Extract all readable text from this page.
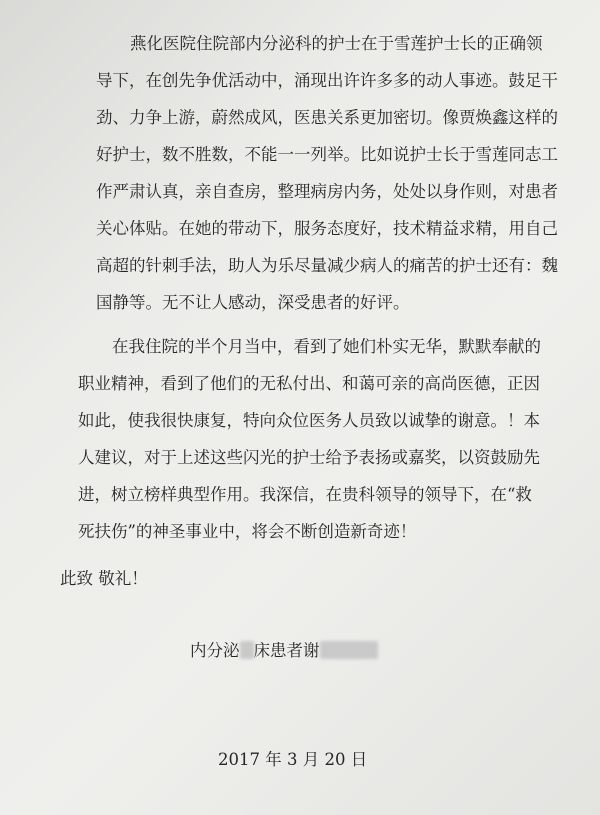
燕化医院住院部内分泌科的护士在于雪莲护士长的正确领
导下，在创先争优活动中，涌现出许许多多的动人事迹。鼓足干
劲、力争上游，蔚然成风，医患关系更加密切。像贾焕鑫这样的
好护士，数不胜数，不能一一列举。比如说护士长于雪莲同志工
作严肃认真，亲自查房，整理病房内务，处处以身作则，对患者
关心体贴。在她的带动下，服务态度好，技术精益求精，用自己
高超的针刺手法，助人为乐尽量减少病人的痛苦的护士还有：魏
国静等。无不让人感动，深受患者的好评。
在我住院的半个月当中，看到了她们朴实无华，默默奉献的
职业精神，看到了他们的无私付出、和蔼可亲的高尚医德，正因
如此，使我很快康复，特向众位医务人员致以诚挚的谢意。！本
人建议，对于上述这些闪光的护士给予表扬或嘉奖，以资鼓励先
进，树立榜样典型作用。我深信，在贵科领导的领导下，在“救
死扶伤”的神圣事业中，将会不断创造新奇迹！
此致 敬礼！
内分泌 床患者谢
2017 年 3 月 20 日
